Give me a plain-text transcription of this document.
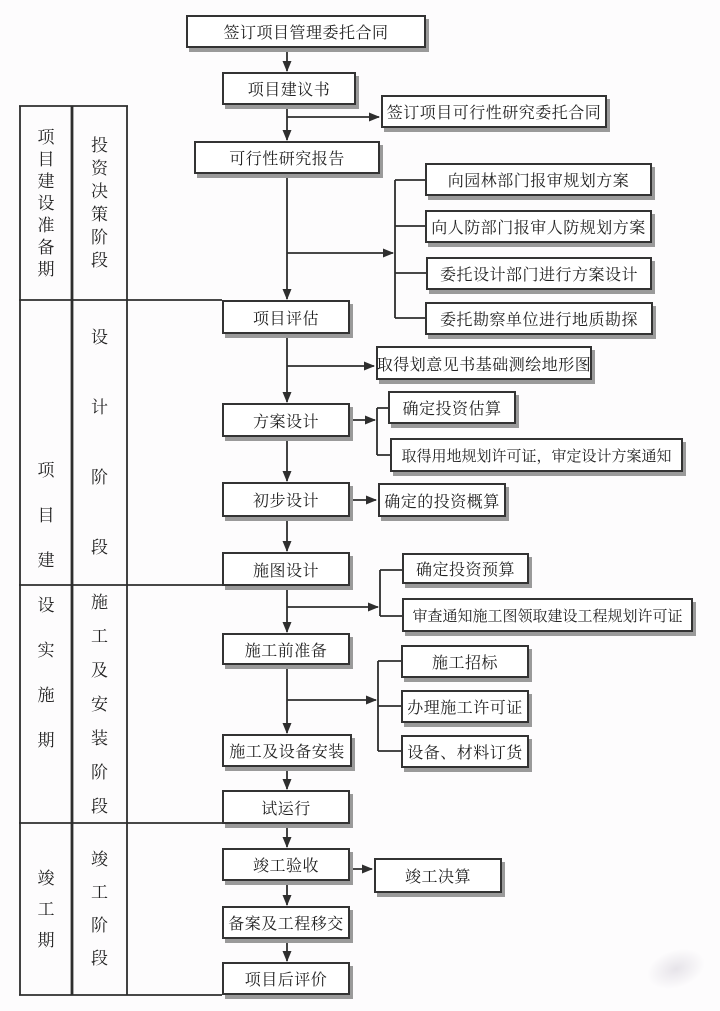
签订项目管理委托合同
项目建议书
签订项目可行性研究委托合同
可行性研究报告
向园林部门报审规划方案
向人防部门报审人防规划方案
委托设计部门进行方案设计
委托勘察单位进行地质勘探
项目评估
取得划意见书基础测绘地形图
方案设计
确定投资估算
取得用地规划许可证，审定设计方案通知
初步设计	确定的投资概算
施图设计	确定投资预算
审查通知施工图领取建设工程规划许可证
施工前准备
施工招标
办理施工许可证
设备、材料订货
施工及设备安装
试运行
竣工验收
竣工决算
备案及工程移交
项目后评价
项
目
建
设
准
备
期
投
资
决
策
阶
段
项
目
建
设
实
施
期
设
计
阶
段
施
工
及
安
装
阶
段
竣
工
期
竣
工
阶
段
